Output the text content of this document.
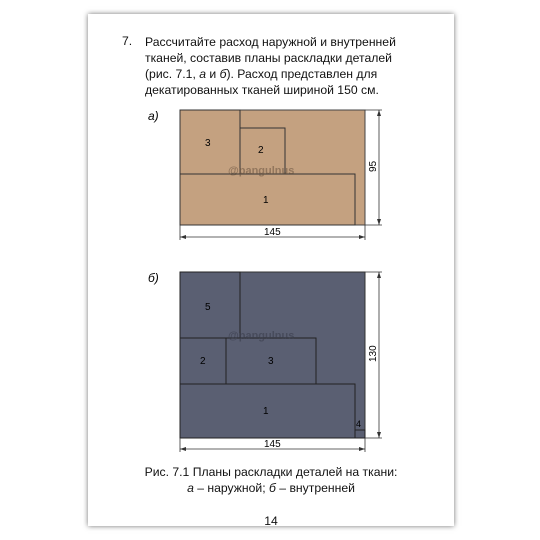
7.	Рассчитайте расход наружной и внутренней

тканей, составив планы раскладки деталей

(рис. 7.1, а и б). Расход представлен для

декатированных тканей шириной 150 см.

а)
3
2
1
@pangulnus
145
95
б)
5
2	3
1
4
@pangulnus
145
130
Рис. 7.1 Планы раскладки деталей на ткани:
а – наружной; б – внутренней
14
